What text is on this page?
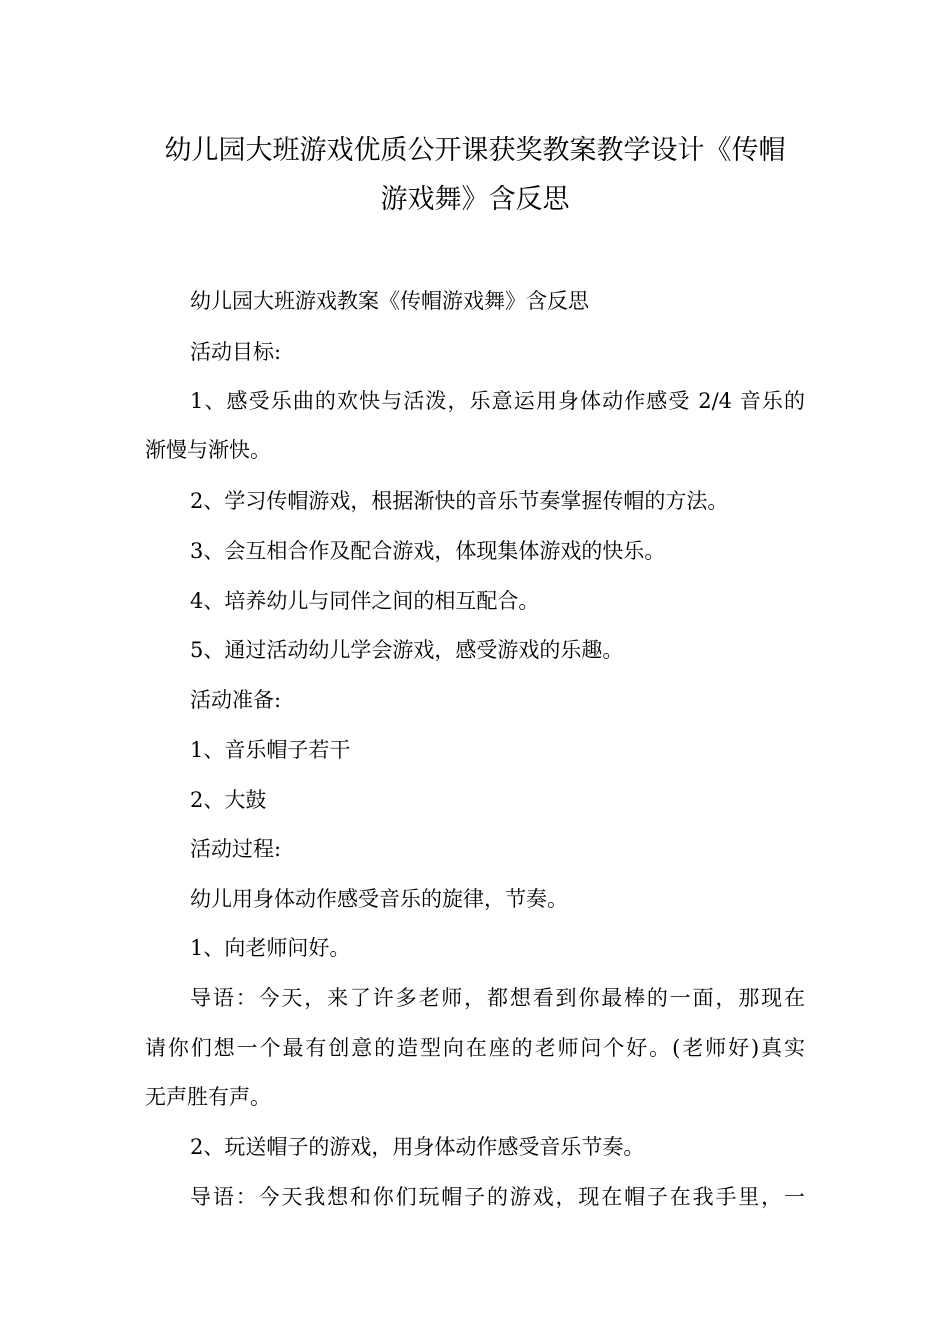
幼儿园大班游戏优质公开课获奖教案教学设计《传帽
游戏舞》含反思

幼儿园大班游戏教案《传帽游戏舞》含反思

活动目标:

1、感受乐曲的欢快与活泼，乐意运用身体动作感受 2/4 音乐的

渐慢与渐快。

2、学习传帽游戏，根据渐快的音乐节奏掌握传帽的方法。

3、会互相合作及配合游戏，体现集体游戏的快乐。

4、培养幼儿与同伴之间的相互配合。

5、通过活动幼儿学会游戏，感受游戏的乐趣。

活动准备:

1、音乐帽子若干

2、大鼓

活动过程:

幼儿用身体动作感受音乐的旋律，节奏。

1、向老师问好。

导语：今天，来了许多老师，都想看到你最棒的一面，那现在

请你们想一个最有创意的造型向在座的老师问个好。(老师好)真实

无声胜有声。

2、玩送帽子的游戏，用身体动作感受音乐节奏。

导语：今天我想和你们玩帽子的游戏，现在帽子在我手里，一
